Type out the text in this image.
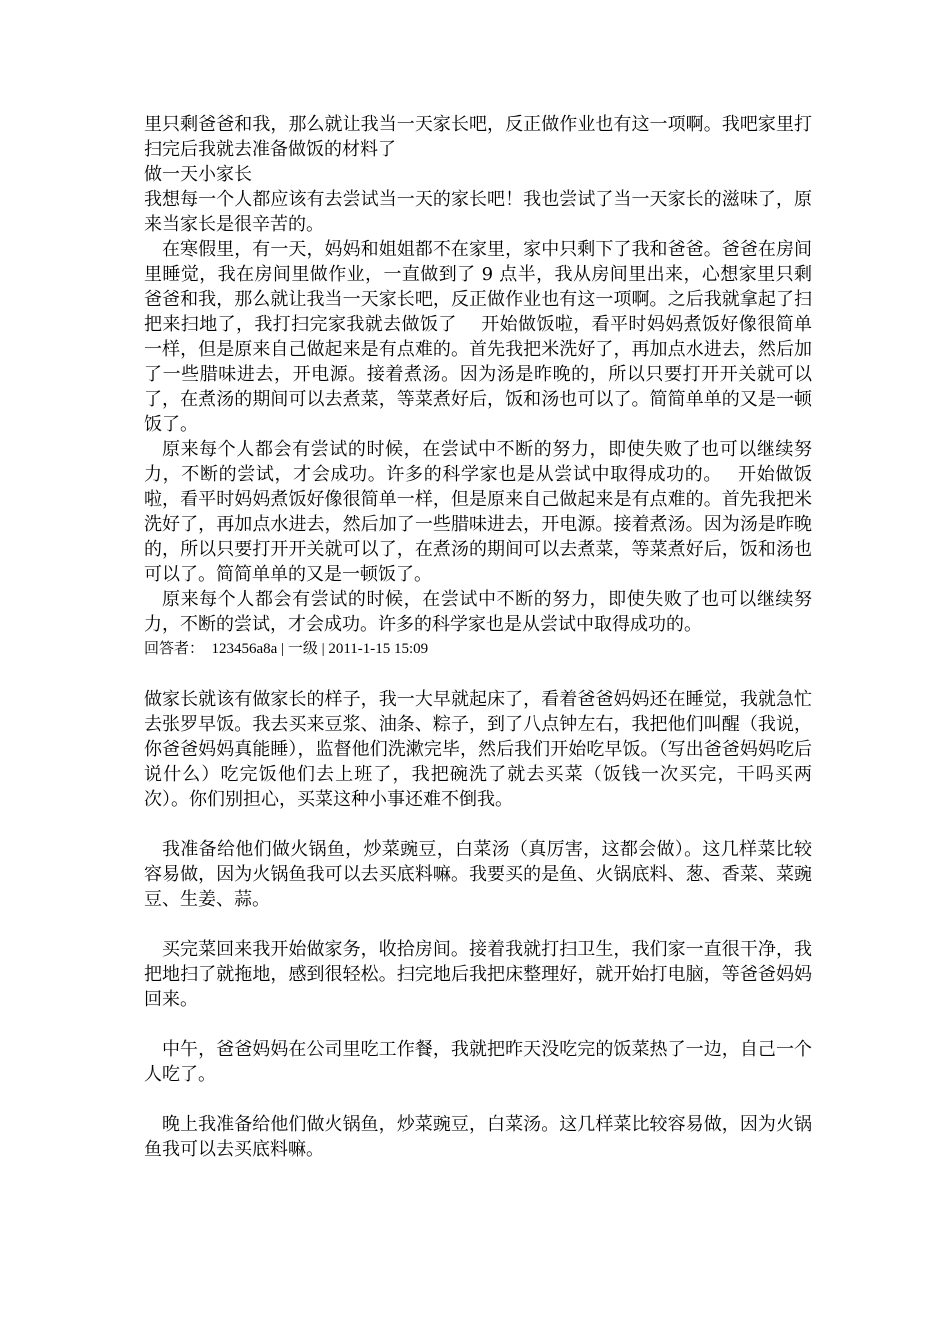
里只剩爸爸和我，那么就让我当一天家长吧，反正做作业也有这一项啊。我吧家里打扫完后我就去准备做饭的材料了

做一天小家长

我想每一个人都应该有去尝试当一天的家长吧！我也尝试了当一天家长的滋味了，原来当家长是很辛苦的。

在寒假里，有一天，妈妈和姐姐都不在家里，家中只剩下了我和爸爸。爸爸在房间里睡觉，我在房间里做作业，一直做到了 9 点半，我从房间里出来，心想家里只剩爸爸和我，那么就让我当一天家长吧，反正做作业也有这一项啊。之后我就拿起了扫把来扫地了，我打扫完家我就去做饭了　 开始做饭啦，看平时妈妈煮饭好像很简单一样，但是原来自己做起来是有点难的。首先我把米洗好了，再加点水进去，然后加了一些腊味进去，开电源。接着煮汤。因为汤是昨晚的，所以只要打开开关就可以了，在煮汤的期间可以去煮菜，等菜煮好后，饭和汤也可以了。简简单单的又是一顿饭了。

原来每个人都会有尝试的时候，在尝试中不断的努力，即使失败了也可以继续努力，不断的尝试，才会成功。许多的科学家也是从尝试中取得成功的。　 开始做饭啦，看平时妈妈煮饭好像很简单一样，但是原来自己做起来是有点难的。首先我把米洗好了，再加点水进去，然后加了一些腊味进去，开电源。接着煮汤。因为汤是昨晚的，所以只要打开开关就可以了，在煮汤的期间可以去煮菜，等菜煮好后，饭和汤也可以了。简简单单的又是一顿饭了。

原来每个人都会有尝试的时候，在尝试中不断的努力，即使失败了也可以继续努力，不断的尝试，才会成功。许多的科学家也是从尝试中取得成功的。

回答者：　123456a8a | 一级 | 2011-1-15 15:09

做家长就该有做家长的样子，我一大早就起床了，看着爸爸妈妈还在睡觉，我就急忙去张罗早饭。我去买来豆浆、油条、粽子，到了八点钟左右，我把他们叫醒（我说，你爸爸妈妈真能睡），监督他们洗漱完毕，然后我们开始吃早饭。（写出爸爸妈妈吃后说什么）吃完饭他们去上班了，我把碗洗了就去买菜（饭钱一次买完，干吗买两次）。你们别担心，买菜这种小事还难不倒我。

我准备给他们做火锅鱼，炒菜豌豆，白菜汤（真厉害，这都会做）。这几样菜比较容易做，因为火锅鱼我可以去买底料嘛。我要买的是鱼、火锅底料、葱、香菜、菜豌豆、生姜、蒜。

买完菜回来我开始做家务，收拾房间。接着我就打扫卫生，我们家一直很干净，我把地扫了就拖地，感到很轻松。扫完地后我把床整理好，就开始打电脑，等爸爸妈妈回来。

中午，爸爸妈妈在公司里吃工作餐，我就把昨天没吃完的饭菜热了一边，自己一个人吃了。

晚上我准备给他们做火锅鱼，炒菜豌豆，白菜汤。这几样菜比较容易做，因为火锅鱼我可以去买底料嘛。
